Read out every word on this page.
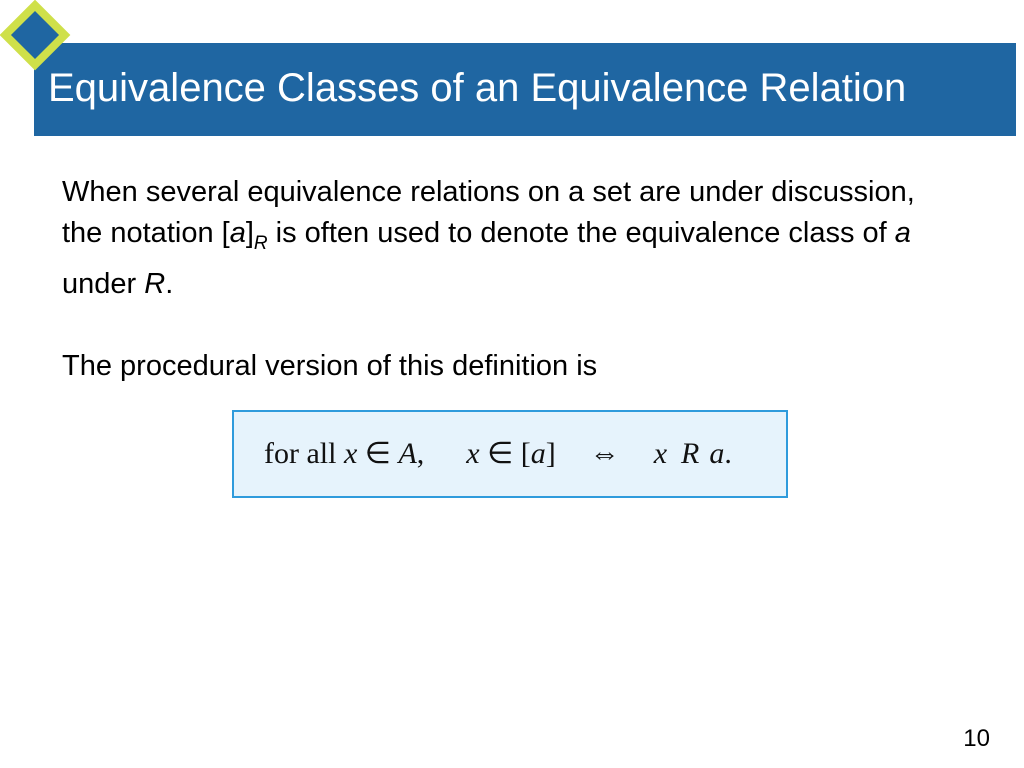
Equivalence Classes of an Equivalence Relation

When several equivalence relations on a set are under discussion, the notation $[a]_R$ is often used to denote the equivalence class of a under R.

The procedural version of this definition is

for all x ∈ A, x ∈ [a] ⇔ x R a.
10
